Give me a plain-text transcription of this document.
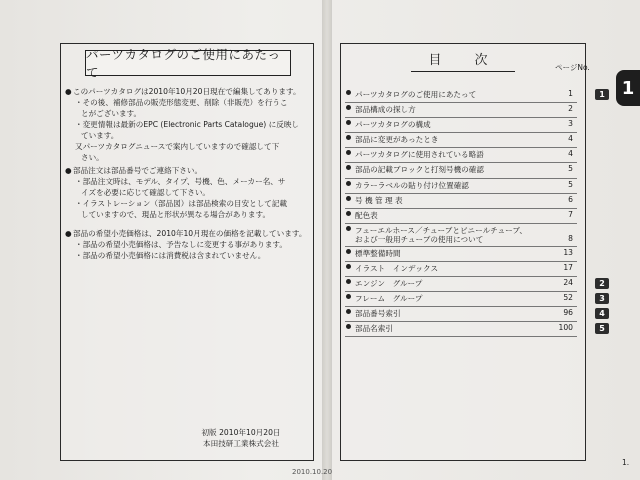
パーツカタログのご使用にあたって
● このパーツカタログは2010年10月20日現在で編集してあります。
・その後、補修部品の販売形態変更、削除（非販売）を行うこ
とがございます。
・変更情報は最新のEPC (Electronic Parts Catalogue) に反映し
ています。
又パーツカタログニュースで案内していますので確認して下
さい。
● 部品注文は部品番号でご連絡下さい。
・部品注文時は、モデル、タイプ、号機、色、メーカー名、サ
イズを必要に応じて確認して下さい。
・イラストレーション（部品図）は部品検索の目安として記載
していますので、現品と形状が異なる場合があります。
● 部品の希望小売価格は、2010年10月現在の価格を記載しています。
・部品の希望小売価格は、予告なしに変更する事があります。
・部品の希望小売価格には消費税は含まれていません。
初版 2010年10月20日
本田技研工業株式会社
目　次	ページNo.
パーツカタログのご使用にあたって	1	1
部品構成の探し方	2
パーツカタログの構成	3
部品に変更があったとき	4
パーツカタログに使用されている略語	4
部品の記載ブロックと打刻号機の確認	5
カラーラベルの貼り付け位置確認	5
号 機 管 理 表	6
配色表	7
フューエルホース／チューブとビニールチューブ、
および一般用チューブの使用について	8
標準整備時間	13
イラスト　インデックス	17
エンジン　グループ	24	2
フレーム　グループ	52	3
部品番号索引	96	4
部品名索引	100	5
1
2010.10.20
1.
